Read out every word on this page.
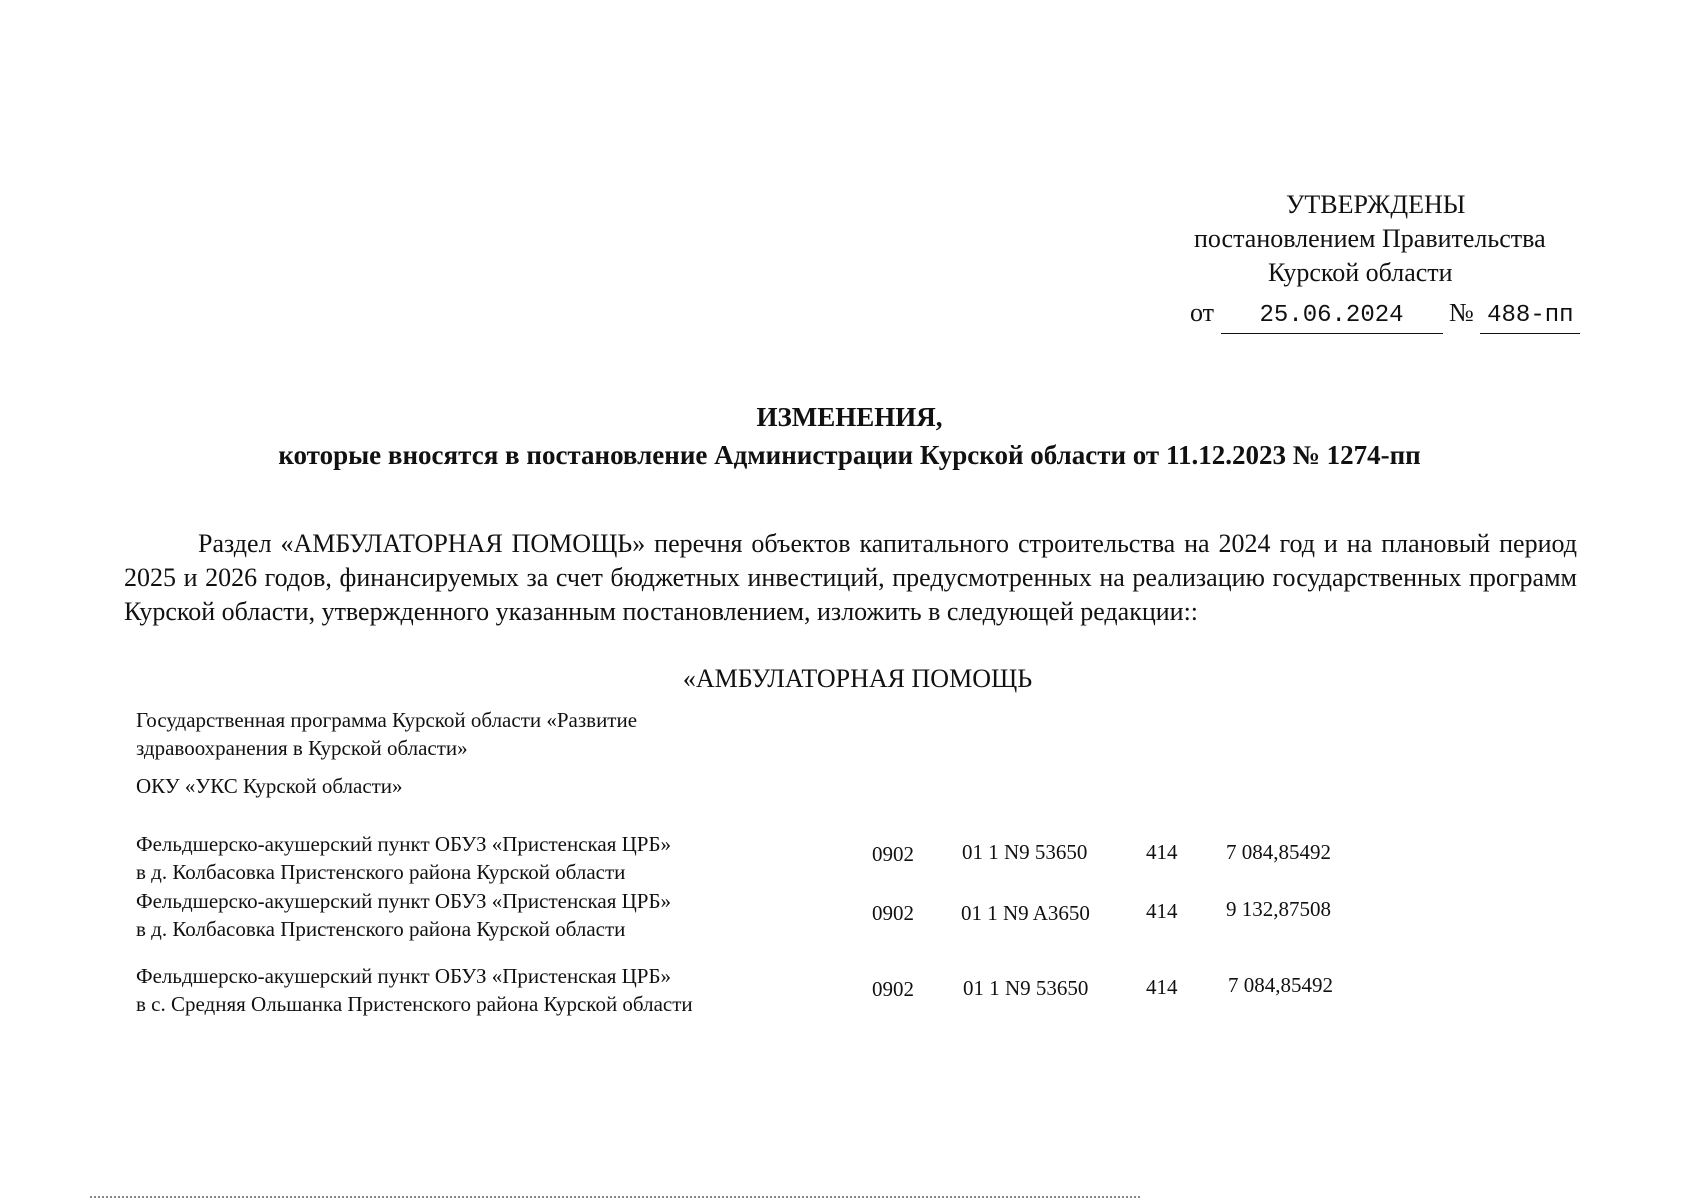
УТВЕРЖДЕНЫ
постановлением Правительства
Курской области
от 25.06.2024 № 488-пп
ИЗМЕНЕНИЯ,
которые вносятся в постановление Администрации Курской области от 11.12.2023 № 1274-пп
Раздел «АМБУЛАТОРНАЯ ПОМОЩЬ» перечня объектов капитального строительства на 2024 год и на плановый период 2025 и 2026 годов, финансируемых за счет бюджетных инвестиций, предусмотренных на реализацию государственных программ Курской области, утвержденного указанным постановлением, изложить в следующей редакции::
«АМБУЛАТОРНАЯ ПОМОЩЬ
Государственная программа Курской области «Развитие
здравоохранения в Курской области»
ОКУ «УКС Курской области»
Фельдшерско-акушерский пункт ОБУЗ «Пристенская ЦРБ»
в д. Колбасовка Пристенского района Курской области
0902 01 1 N9 53650	414 7 084,85492
Фельдшерско-акушерский пункт ОБУЗ «Пристенская ЦРБ»
в д. Колбасовка Пристенского района Курской области
0902 01 1 N9 A3650	414 9 132,87508
Фельдшерско-акушерский пункт ОБУЗ «Пристенская ЦРБ»
в с. Средняя Ольшанка Пристенского района Курской области
0902 01 1 N9 53650	414 7 084,85492
